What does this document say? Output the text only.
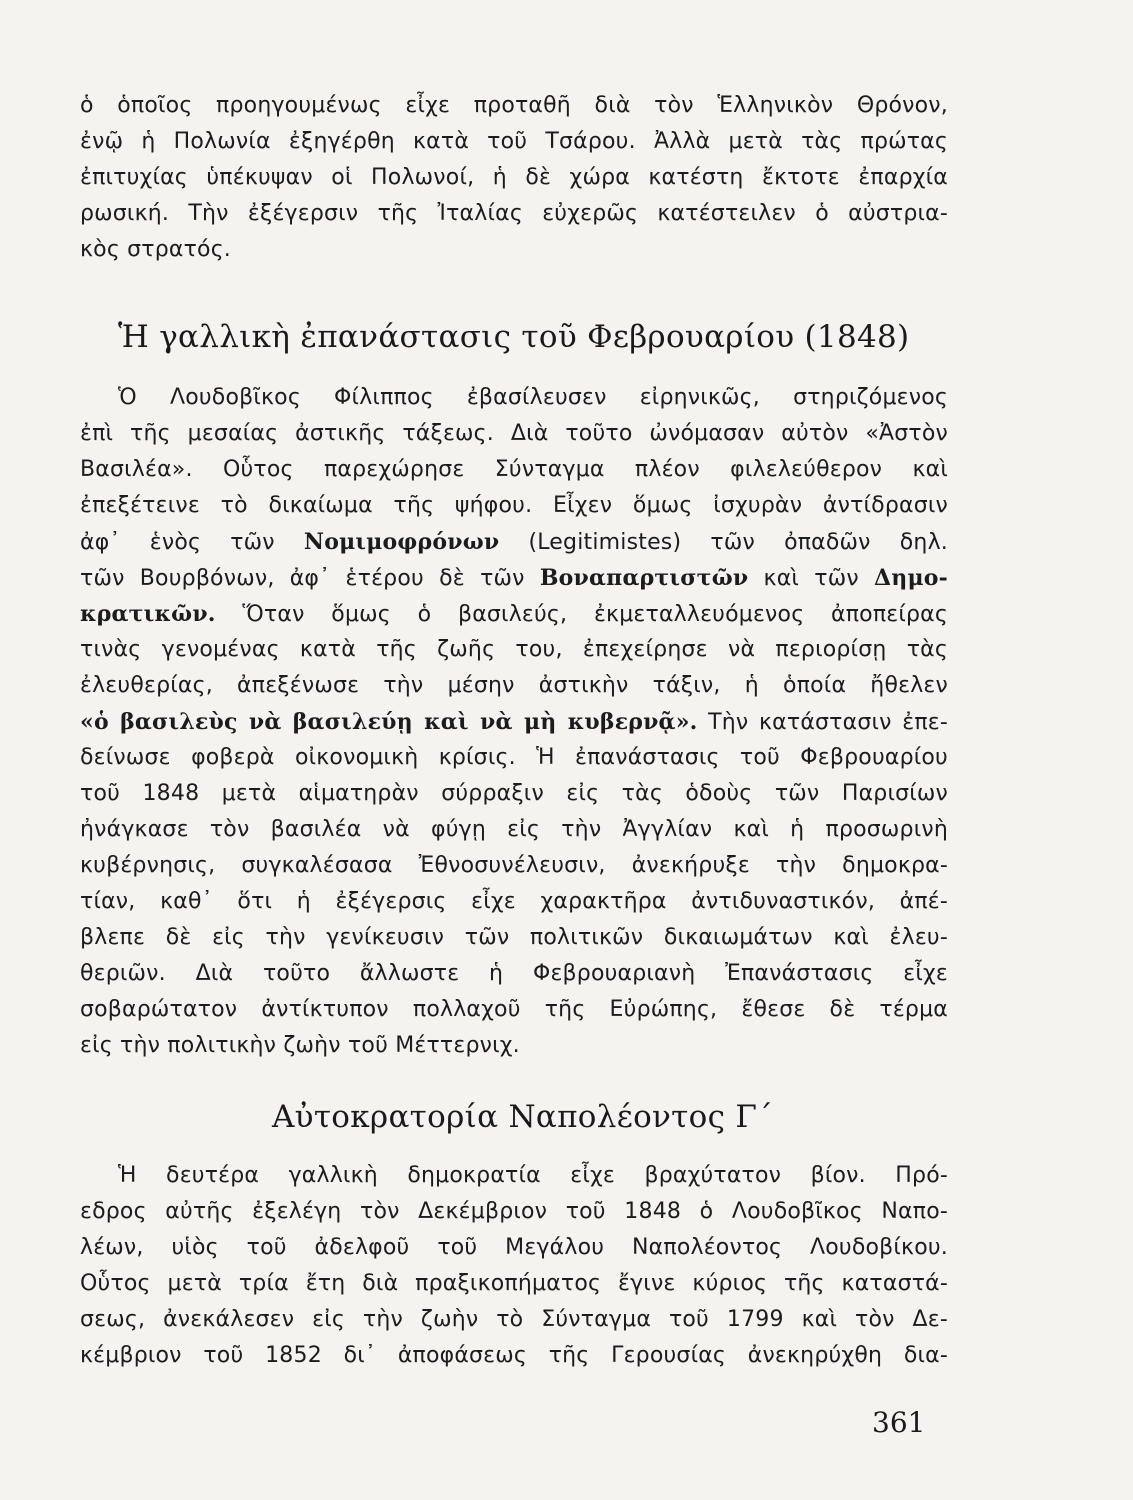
ὁ ὁποῖος προηγουμένως εἶχε προταθῆ διὰ τὸν Ἑλληνικὸν Θρόνον,
ἐνῷ ἡ Πολωνία ἐξηγέρθη κατὰ τοῦ Τσάρου. Ἀλλὰ μετὰ τὰς πρώτας
ἐπιτυχίας ὑπέκυψαν οἱ Πολωνοί, ἡ δὲ χώρα κατέστη ἔκτοτε ἐπαρχία
ρωσική. Τὴν ἐξέγερσιν τῆς Ἰταλίας εὐχερῶς κατέστειλεν ὁ αὐστρια-
κὸς στρατός.
Ἡ γαλλικὴ ἐπανάστασις τοῦ Φεβρουαρίου (1848)
Ὁ Λουδοβῖκος Φίλιππος ἐβασίλευσεν εἰρηνικῶς, στηριζόμενος
ἐπὶ τῆς μεσαίας ἀστικῆς τάξεως. Διὰ τοῦτο ὠνόμασαν αὐτὸν «Ἀστὸν
Βασιλέα». Οὗτος παρεχώρησε Σύνταγμα πλέον φιλελεύθερον καὶ
ἐπεξέτεινε τὸ δικαίωμα τῆς ψήφου. Εἶχεν ὅμως ἰσχυρὰν ἀντίδρασιν
ἀφ᾽ ἑνὸς τῶν Νομιμοφρόνων (Legitimistes) τῶν ὀπαδῶν δηλ.
τῶν Βουρβόνων, ἀφ᾽ ἑτέρου δὲ τῶν Βοναπαρτιστῶν καὶ τῶν Δημο-
κρατικῶν. Ὅταν ὅμως ὁ βασιλεύς, ἐκμεταλλευόμενος ἀποπείρας
τινὰς γενομένας κατὰ τῆς ζωῆς του, ἐπεχείρησε νὰ περιορίσῃ τὰς
ἐλευθερίας, ἀπεξένωσε τὴν μέσην ἀστικὴν τάξιν, ἡ ὁποία ἤθελεν
«ὁ βασιλεὺς νὰ βασιλεύῃ καὶ νὰ μὴ κυβερνᾷ». Τὴν κατάστασιν ἐπε-
δείνωσε φοβερὰ οἰκονομικὴ κρίσις. Ἡ ἐπανάστασις τοῦ Φεβρουαρίου
τοῦ 1848 μετὰ αἱματηρὰν σύρραξιν εἰς τὰς ὁδοὺς τῶν Παρισίων
ἠνάγκασε τὸν βασιλέα νὰ φύγῃ εἰς τὴν Ἀγγλίαν καὶ ἡ προσωρινὴ
κυβέρνησις, συγκαλέσασα Ἐθνοσυνέλευσιν, ἀνεκήρυξε τὴν δημοκρα-
τίαν, καθ᾽ ὅτι ἡ ἐξέγερσις εἶχε χαρακτῆρα ἀντιδυναστικόν, ἀπέ-
βλεπε δὲ εἰς τὴν γενίκευσιν τῶν πολιτικῶν δικαιωμάτων καὶ ἐλευ-
θεριῶν. Διὰ τοῦτο ἄλλωστε ἡ Φεβρουαριανὴ Ἐπανάστασις εἶχε
σοβαρώτατον ἀντίκτυπον πολλαχοῦ τῆς Εὐρώπης, ἔθεσε δὲ τέρμα
εἰς τὴν πολιτικὴν ζωὴν τοῦ Μέττερνιχ.
Αὐτοκρατορία Ναπολέοντος Γ΄
Ἡ δευτέρα γαλλικὴ δημοκρατία εἶχε βραχύτατον βίον. Πρό-
εδρος αὐτῆς ἐξελέγη τὸν Δεκέμβριον τοῦ 1848 ὁ Λουδοβῖκος Ναπο-
λέων, υἱὸς τοῦ ἀδελφοῦ τοῦ Μεγάλου Ναπολέοντος Λουδοβίκου.
Οὗτος μετὰ τρία ἔτη διὰ πραξικοπήματος ἔγινε κύριος τῆς καταστά-
σεως, ἀνεκάλεσεν εἰς τὴν ζωὴν τὸ Σύνταγμα τοῦ 1799 καὶ τὸν Δε-
κέμβριον τοῦ 1852 δι᾽ ἀποφάσεως τῆς Γερουσίας ἀνεκηρύχθη δια-
361
